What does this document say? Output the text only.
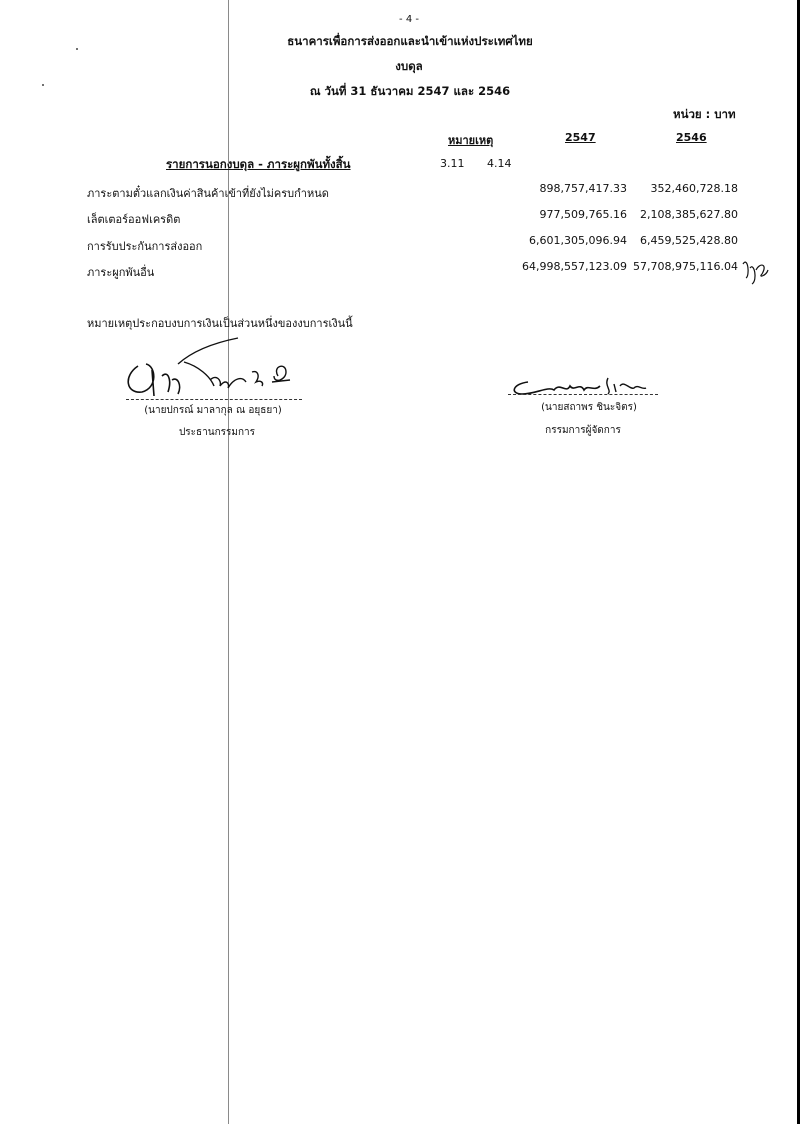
- 4 -
ธนาคารเพื่อการส่งออกและนำเข้าแห่งประเทศไทย
งบดุล
ณ วันที่ 31 ธันวาคม 2547 และ 2546
หน่วย : บาท
หมายเหตุ	2547	2546
รายการนอกงบดุล - ภาระผูกพันทั้งสิ้น	3.11 4.14
ภาระตามตั๋วแลกเงินค่าสินค้าเข้าที่ยังไม่ครบกำหนด	898,757,417.33	352,460,728.18
เล็ตเตอร์ออฟเครดิต	977,509,765.16	2,108,385,627.80
การรับประกันการส่งออก	6,601,305,096.94	6,459,525,428.80
ภาระผูกพันอื่น	64,998,557,123.09 57,708,975,116.04
หมายเหตุประกอบงบการเงินเป็นส่วนหนึ่งของงบการเงินนี้
(นายปกรณ์ มาลากุล ณ อยุธยา)
ประธานกรรมการ
(นายสถาพร ชินะจิตร)
กรรมการผู้จัดการ
